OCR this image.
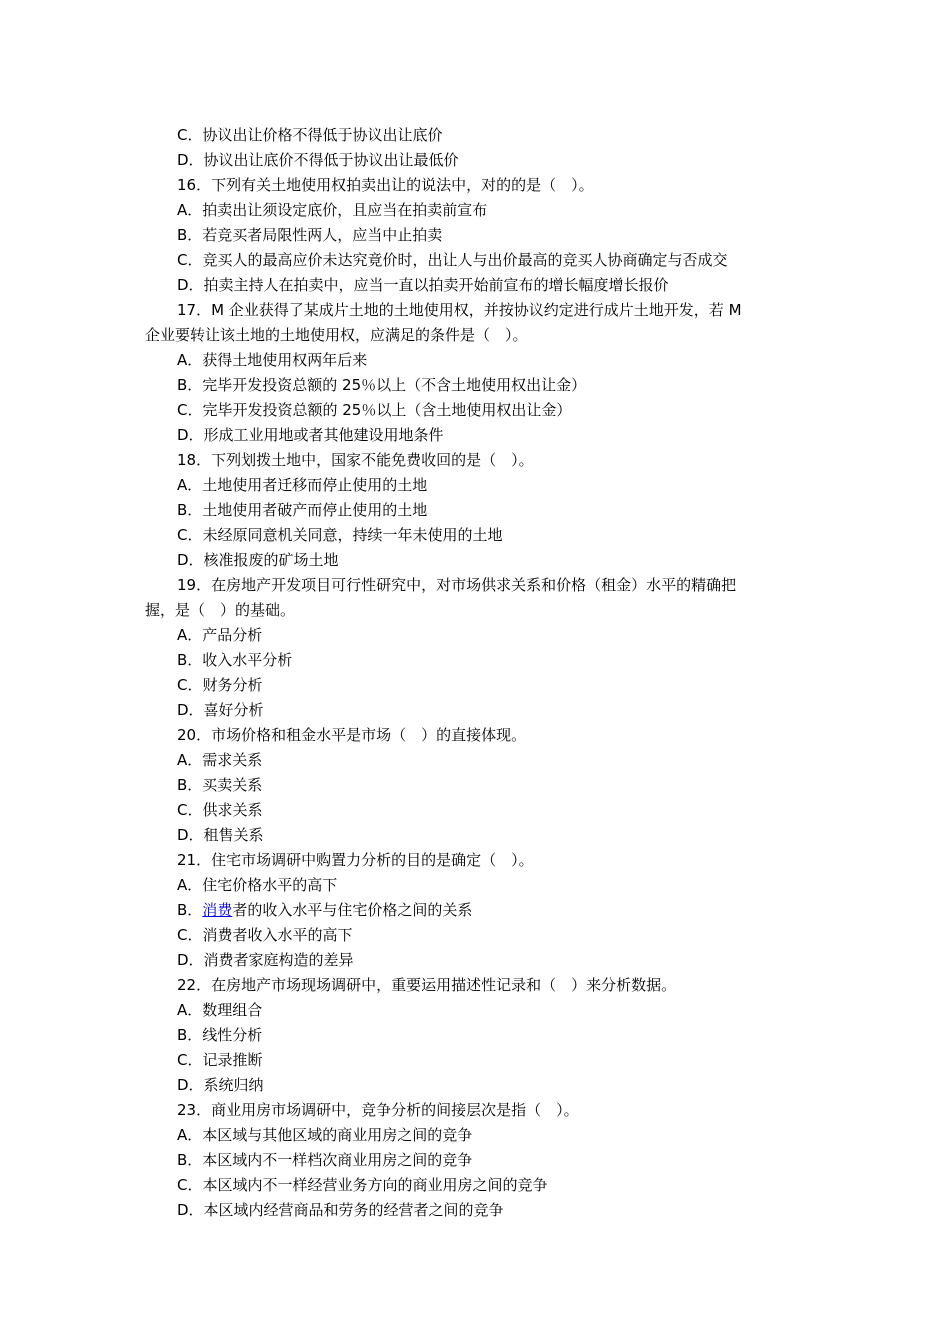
C．协议出让价格不得低于协议出让底价

D．协议出让底价不得低于协议出让最低价

16．下列有关土地使用权拍卖出让的说法中，对的的是（　）。

A．拍卖出让须设定底价，且应当在拍卖前宣布

B．若竞买者局限性两人，应当中止拍卖

C．竞买人的最高应价未达究竟价时，出让人与出价最高的竞买人协商确定与否成交

D．拍卖主持人在拍卖中，应当一直以拍卖开始前宣布的增长幅度增长报价

17．M 企业获得了某成片土地的土地使用权，并按协议约定进行成片土地开发，若 M

企业要转让该土地的土地使用权，应满足的条件是（　）。

A．获得土地使用权两年后来

B．完毕开发投资总额的 25％以上（不含土地使用权出让金）

C．完毕开发投资总额的 25％以上（含土地使用权出让金）

D．形成工业用地或者其他建设用地条件

18．下列划拨土地中，国家不能免费收回的是（　）。

A．土地使用者迁移而停止使用的土地

B．土地使用者破产而停止使用的土地

C．未经原同意机关同意，持续一年未使用的土地

D．核准报废的矿场土地

19．在房地产开发项目可行性研究中，对市场供求关系和价格（租金）水平的精确把

握，是（　）的基础。

A．产品分析

B．收入水平分析

C．财务分析

D．喜好分析

20．市场价格和租金水平是市场（　）的直接体现。

A．需求关系

B．买卖关系

C．供求关系

D．租售关系

21．住宅市场调研中购置力分析的目的是确定（　）。

A．住宅价格水平的高下

B．消费者的收入水平与住宅价格之间的关系

C．消费者收入水平的高下

D．消费者家庭构造的差异

22．在房地产市场现场调研中，重要运用描述性记录和（　）来分析数据。

A．数理组合

B．线性分析

C．记录推断

D．系统归纳

23．商业用房市场调研中，竞争分析的间接层次是指（　）。

A．本区域与其他区域的商业用房之间的竞争

B．本区域内不一样档次商业用房之间的竞争

C．本区域内不一样经营业务方向的商业用房之间的竞争

D．本区域内经营商品和劳务的经营者之间的竞争
